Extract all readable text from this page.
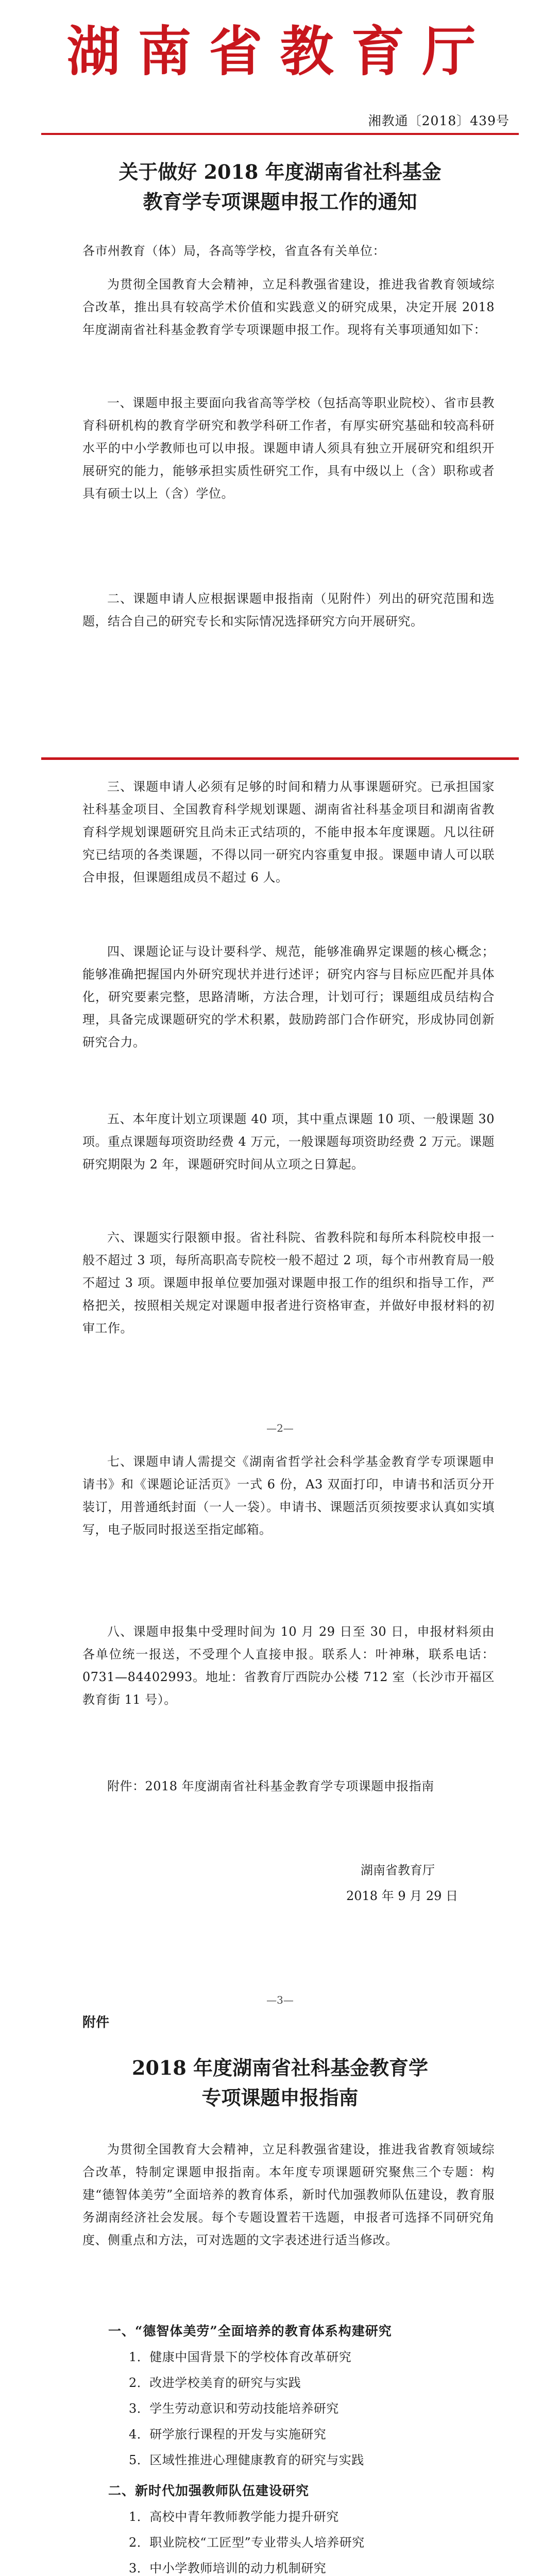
湖南省教育厅
湘教通〔2018〕439号
关于做好 2018 年度湖南省社科基金
教育学专项课题申报工作的通知
各市州教育（体）局，各高等学校，省直各有关单位：
为贯彻全国教育大会精神，立足科教强省建设，推进我省教育领域综合改革，推出具有较高学术价值和实践意义的研究成果，决定开展 2018 年度湖南省社科基金教育学专项课题申报工作。现将有关事项通知如下：
一、课题申报主要面向我省高等学校（包括高等职业院校）、省市县教育科研机构的教育学研究和教学科研工作者，有厚实研究基础和较高科研水平的中小学教师也可以申报。课题申请人须具有独立开展研究和组织开展研究的能力，能够承担实质性研究工作，具有中级以上（含）职称或者具有硕士以上（含）学位。
二、课题申请人应根据课题申报指南（见附件）列出的研究范围和选题，结合自己的研究专长和实际情况选择研究方向开展研究。
三、课题申请人必须有足够的时间和精力从事课题研究。已承担国家社科基金项目、全国教育科学规划课题、湖南省社科基金项目和湖南省教育科学规划课题研究且尚未正式结项的，不能申报本年度课题。凡以往研究已结项的各类课题，不得以同一研究内容重复申报。课题申请人可以联合申报，但课题组成员不超过 6 人。
四、课题论证与设计要科学、规范，能够准确界定课题的核心概念；能够准确把握国内外研究现状并进行述评；研究内容与目标应匹配并具体化，研究要素完整，思路清晰，方法合理，计划可行；课题组成员结构合理，具备完成课题研究的学术积累，鼓励跨部门合作研究，形成协同创新研究合力。
五、本年度计划立项课题 40 项，其中重点课题 10 项、一般课题 30 项。重点课题每项资助经费 4 万元，一般课题每项资助经费 2 万元。课题研究期限为 2 年，课题研究时间从立项之日算起。
六、课题实行限额申报。省社科院、省教科院和每所本科院校申报一般不超过 3 项，每所高职高专院校一般不超过 2 项，每个市州教育局一般不超过 3 项。课题申报单位要加强对课题申报工作的组织和指导工作，严格把关，按照相关规定对课题申报者进行资格审查，并做好申报材料的初审工作。
—2—
七、课题申请人需提交《湖南省哲学社会科学基金教育学专项课题申请书》和《课题论证活页》一式 6 份，A3 双面打印，申请书和活页分开装订，用普通纸封面（一人一袋）。申请书、课题活页须按要求认真如实填写，电子版同时报送至指定邮箱。
八、课题申报集中受理时间为 10 月 29 日至 30 日，申报材料须由各单位统一报送，不受理个人直接申报。联系人：叶神琳，联系电话：0731—84402993。地址：省教育厅西院办公楼 712 室（长沙市开福区教育街 11 号）。
附件：2018 年度湖南省社科基金教育学专项课题申报指南
湖南省教育厅
2018 年 9 月 29 日
—3—
附件
2018 年度湖南省社科基金教育学
专项课题申报指南
为贯彻全国教育大会精神，立足科教强省建设，推进我省教育领域综合改革，特制定课题申报指南。本年度专项课题研究聚焦三个专题：构建“德智体美劳”全面培养的教育体系，新时代加强教师队伍建设，教育服务湖南经济社会发展。每个专题设置若干选题，申报者可选择不同研究角度、侧重点和方法，可对选题的文字表述进行适当修改。
一、“德智体美劳”全面培养的教育体系构建研究
1．健康中国背景下的学校体育改革研究
2．改进学校美育的研究与实践
3．学生劳动意识和劳动技能培养研究
4．研学旅行课程的开发与实施研究
5．区域性推进心理健康教育的研究与实践
二、新时代加强教师队伍建设研究
1．高校中青年教师教学能力提升研究
2．职业院校“工匠型”专业带头人培养研究
3．中小学教师培训的动力机制研究
